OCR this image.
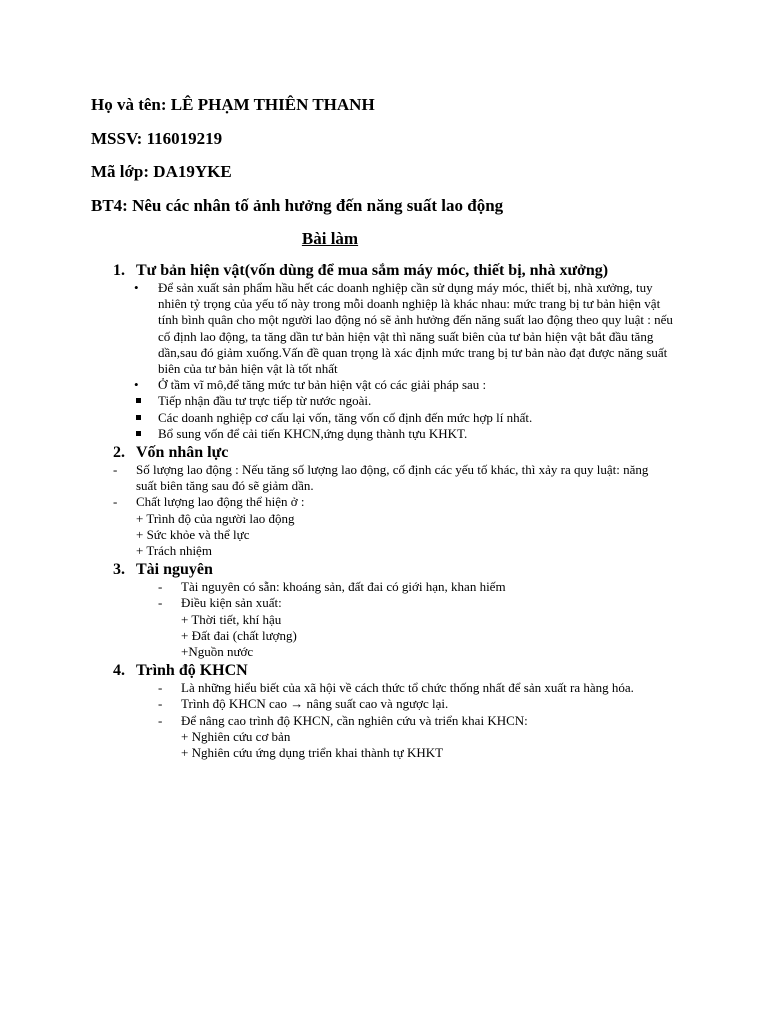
Họ và tên: LÊ PHẠM THIÊN THANH
MSSV: 116019219
Mã lớp: DA19YKE
BT4: Nêu các nhân tố ảnh hưởng đến năng suất lao động
Bài làm
1. Tư bản hiện vật(vốn dùng để mua sắm máy móc, thiết bị, nhà xưởng)
•	Để sản xuất sản phẩm hầu hết các doanh nghiệp cần sử dụng máy móc, thiết bị, nhà xưởng, tuy nhiên tỷ trọng của yếu tố này trong mỗi doanh nghiệp là khác nhau: mức trang bị tư bản hiện vật tính bình quân cho một người lao động nó sẽ ảnh hưởng đến năng suất lao động theo quy luật : nếu cố định lao động, ta tăng dần tư bản hiện vật thì năng suất biên của tư bản hiện vật bắt đầu tăng dần,sau đó giảm xuống.Vấn đề quan trọng là xác định mức trang bị tư bản nào đạt được năng suất biên của tư bản hiện vật là tốt nhất
•	Ở tầm vĩ mô,để tăng mức tư bản hiện vật có các giải pháp sau :
Tiếp nhận đầu tư trực tiếp từ nước ngoài.
Các doanh nghiệp cơ cấu lại vốn, tăng vốn cố định đến mức hợp lí nhất.
Bổ sung vốn để cải tiến KHCN,ứng dụng thành tựu KHKT.
2. Vốn nhân lực
-	Số lượng lao động : Nếu tăng số lượng lao động, cố định các yếu tố khác, thì xảy ra quy luật: năng suất biên tăng sau đó sẽ giảm dần.
-	Chất lượng lao động thể hiện ở :
+ Trình độ của người lao động
+ Sức khỏe và thể lực
+ Trách nhiệm
3. Tài nguyên
-	Tài nguyên có sẵn: khoáng sản, đất đai có giới hạn, khan hiếm
-	Điều kiện sản xuất:
+ Thời tiết, khí hậu
+ Đất đai (chất lượng)
+Nguồn nước
4. Trình độ KHCN
-	Là những hiểu biết của xã hội về cách thức tổ chức thống nhất để sản xuất ra hàng hóa.
-	Trình độ KHCN cao → nâng suất cao và ngược lại.
-	Để nâng cao trình độ KHCN, cần nghiên cứu và triển khai KHCN:
+ Nghiên cứu cơ bản
+ Nghiên cứu ứng dụng triển khai thành tự KHKT
